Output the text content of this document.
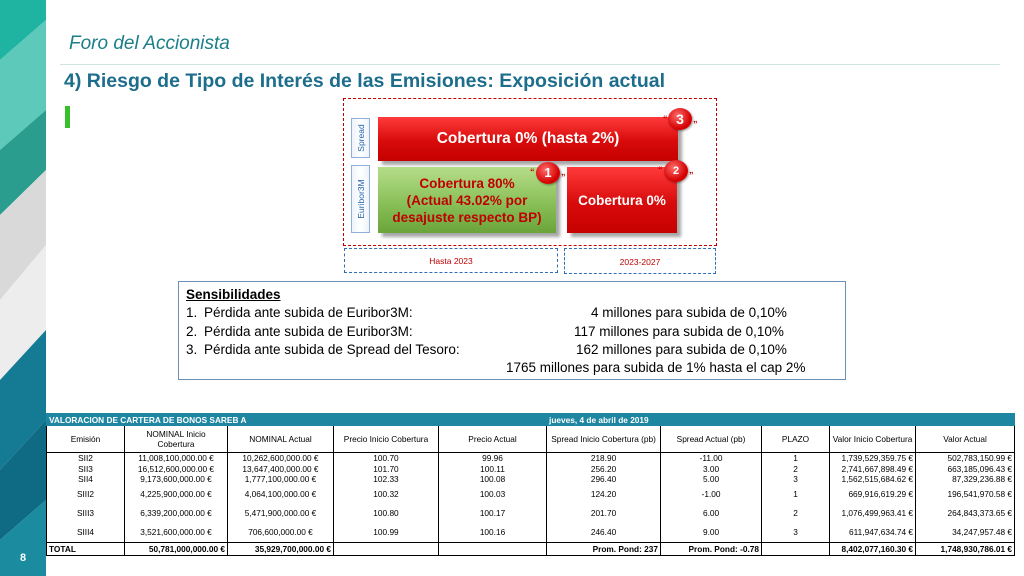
8
Foro del Accionista
4) Riesgo de Tipo de Interés de las Emisiones: Exposición actual
Spread
Euribor3M
Cobertura 0% (hasta 2%)
Cobertura 80%
(Actual 43.02% por
desajuste respecto BP)
Cobertura 0%
3
“	„
1
“	„	2
“	„
Hasta 2023	2023-2027
Sensibilidades
1. Pérdida ante subida de Euribor3M:	4 millones para subida de 0,10%
2. Pérdida ante subida de Euribor3M:	117 millones para subida de 0,10%
3. Pérdida ante subida de Spread del Tesoro:	162 millones para subida de 0,10%
1765 millones para subida de 1% hasta el cap 2%
VALORACION DE CARTERA DE BONOS SAREB A					jueves, 4 de abril de 2019				
Emisión	NOMINAL Inicio Cobertura	NOMINAL Actual	Precio Inicio Cobertura	Precio Actual	Spread Inicio Cobertura (pb)	Spread Actual (pb)	PLAZO	Valor Inicio Cobertura	Valor Actual
SII2	11,008,100,000.00 €	10,262,600,000.00 €	100.70	99.96	218.90	-11.00	1	1,739,529,359.75 €	502,783,150.99 €
SII3	16,512,600,000.00 €	13,647,400,000.00 €	101.70	100.11	256.20	3.00	2	2,741,667,898.49 €	663,185,096.43 €
SII4	9,173,600,000.00 €	1,777,100,000.00 €	102.33	100.08	296.40	5.00	3	1,562,515,684.62 €	87,329,236.88 €
SIII2	4,225,900,000.00 €	4,064,100,000.00 €	100.32	100.03	124.20	-1.00	1	669,916,619.29 €	196,541,970.58 €
SIII3	6,339,200,000.00 €	5,471,900,000.00 €	100.80	100.17	201.70	6.00	2	1,076,499,963.41 €	264,843,373.65 €
SIII4	3,521,600,000.00 €	706,600,000.00 €	100.99	100.16	246.40	9.00	3	611,947,634.74 €	34,247,957.48 €
TOTAL	50,781,000,000.00 €	35,929,700,000.00 €			Prom. Pond: 237	Prom. Pond: -0.78		8,402,077,160.30 €	1,748,930,786.01 €
